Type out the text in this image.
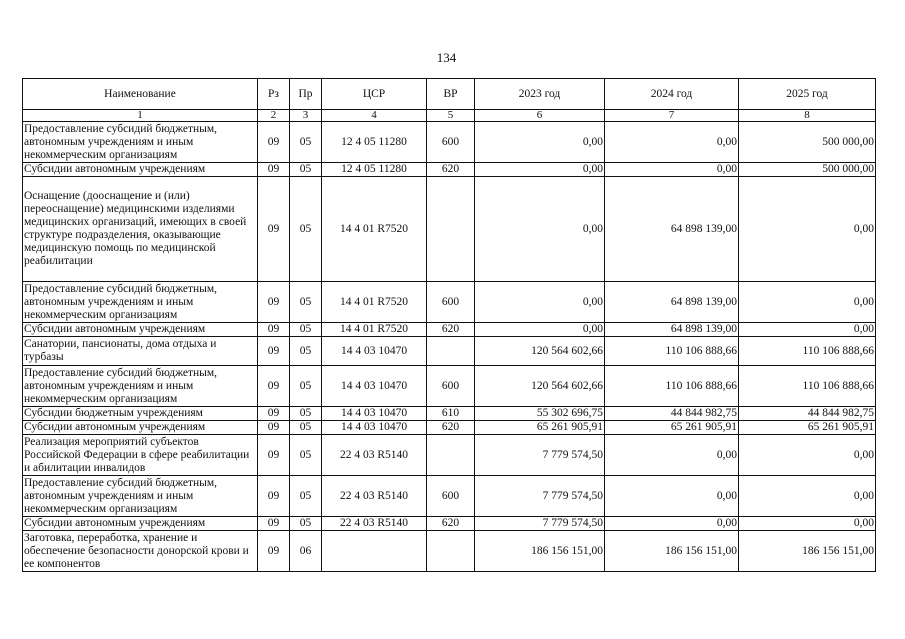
134
Наименование	Рз	Пр	ЦСР	ВР	2023 год	2024 год	2025 год
1	2	3	4	5	6	7	8
Предоставление субсидий бюджетным, автономным учреждениям и иным некоммерческим организациям	09	05	12 4 05 11280	600	0,00	0,00	500 000,00
Субсидии автономным учреждениям	09	05	12 4 05 11280	620	0,00	0,00	500 000,00
Оснащение (дооснащение и (или) переоснащение) медицинскими изделиями медицинских организаций, имеющих в своей структуре подразделения, оказывающие медицинскую помощь по медицинской реабилитации	09	05	14 4 01 R7520		0,00	64 898 139,00	0,00
Предоставление субсидий бюджетным, автономным учреждениям и иным некоммерческим организациям	09	05	14 4 01 R7520	600	0,00	64 898 139,00	0,00
Субсидии автономным учреждениям	09	05	14 4 01 R7520	620	0,00	64 898 139,00	0,00
Санатории, пансионаты, дома отдыха и турбазы	09	05	14 4 03 10470		120 564 602,66	110 106 888,66	110 106 888,66
Предоставление субсидий бюджетным, автономным учреждениям и иным некоммерческим организациям	09	05	14 4 03 10470	600	120 564 602,66	110 106 888,66	110 106 888,66
Субсидии бюджетным учреждениям	09	05	14 4 03 10470	610	55 302 696,75	44 844 982,75	44 844 982,75
Субсидии автономным учреждениям	09	05	14 4 03 10470	620	65 261 905,91	65 261 905,91	65 261 905,91
Реализация мероприятий субъектов Российской Федерации в сфере реабилитации и абилитации инвалидов	09	05	22 4 03 R5140		7 779 574,50	0,00	0,00
Предоставление субсидий бюджетным, автономным учреждениям и иным некоммерческим организациям	09	05	22 4 03 R5140	600	7 779 574,50	0,00	0,00
Субсидии автономным учреждениям	09	05	22 4 03 R5140	620	7 779 574,50	0,00	0,00
Заготовка, переработка, хранение и обеспечение безопасности донорской крови и ее компонентов	09	06			186 156 151,00	186 156 151,00	186 156 151,00
